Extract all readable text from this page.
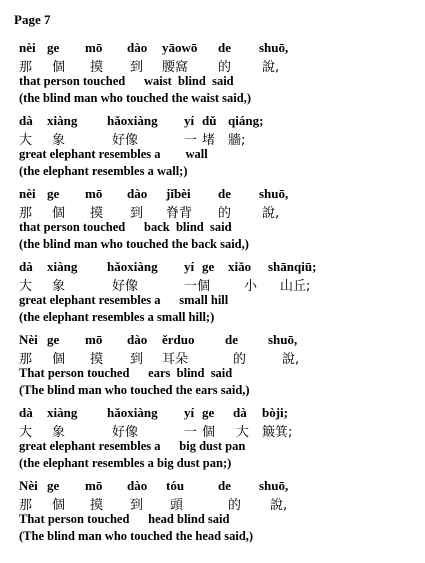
Page 7
nèi ge mō dào yāowō de shuō,
那 個 摸 到 腰窩 的 說,
that person touched      waist  blind  said
(the blind man who touched the waist said,)
dà xiàng hǎoxiàng yí dǔ qiáng;
大 象	好像	一 堵 牆;
great elephant resembles a        wall
(the elephant resembles a wall;)
nèi ge mō dào jǐbèi de shuō,
那 個 摸 到 脊背 的 說,
that person touched      back  blind  said
(the blind man who touched the back said,)
dà xiàng hǎoxiàng yí ge xiǎo shānqiū;
大 象	好像	一個	小 山丘;
great elephant resembles a      small hill
(the elephant resembles a small hill;)
Nèi ge mō dào ěrduo de shuō,
那 個 摸 到 耳朵	的	說,
That person touched      ears  blind  said
(The blind man who touched the ears said,)
dà xiàng hǎoxiàng yí ge dà bòji;
大 象	好像	一 個 大 簸箕;
great elephant resembles a      big dust pan
(the elephant resembles a big dust pan;)
Nèi ge mō dào tóu	de shuō,
那 個 摸 到 頭	的 說,
That person touched      head blind said
(The blind man who touched the head said,)
